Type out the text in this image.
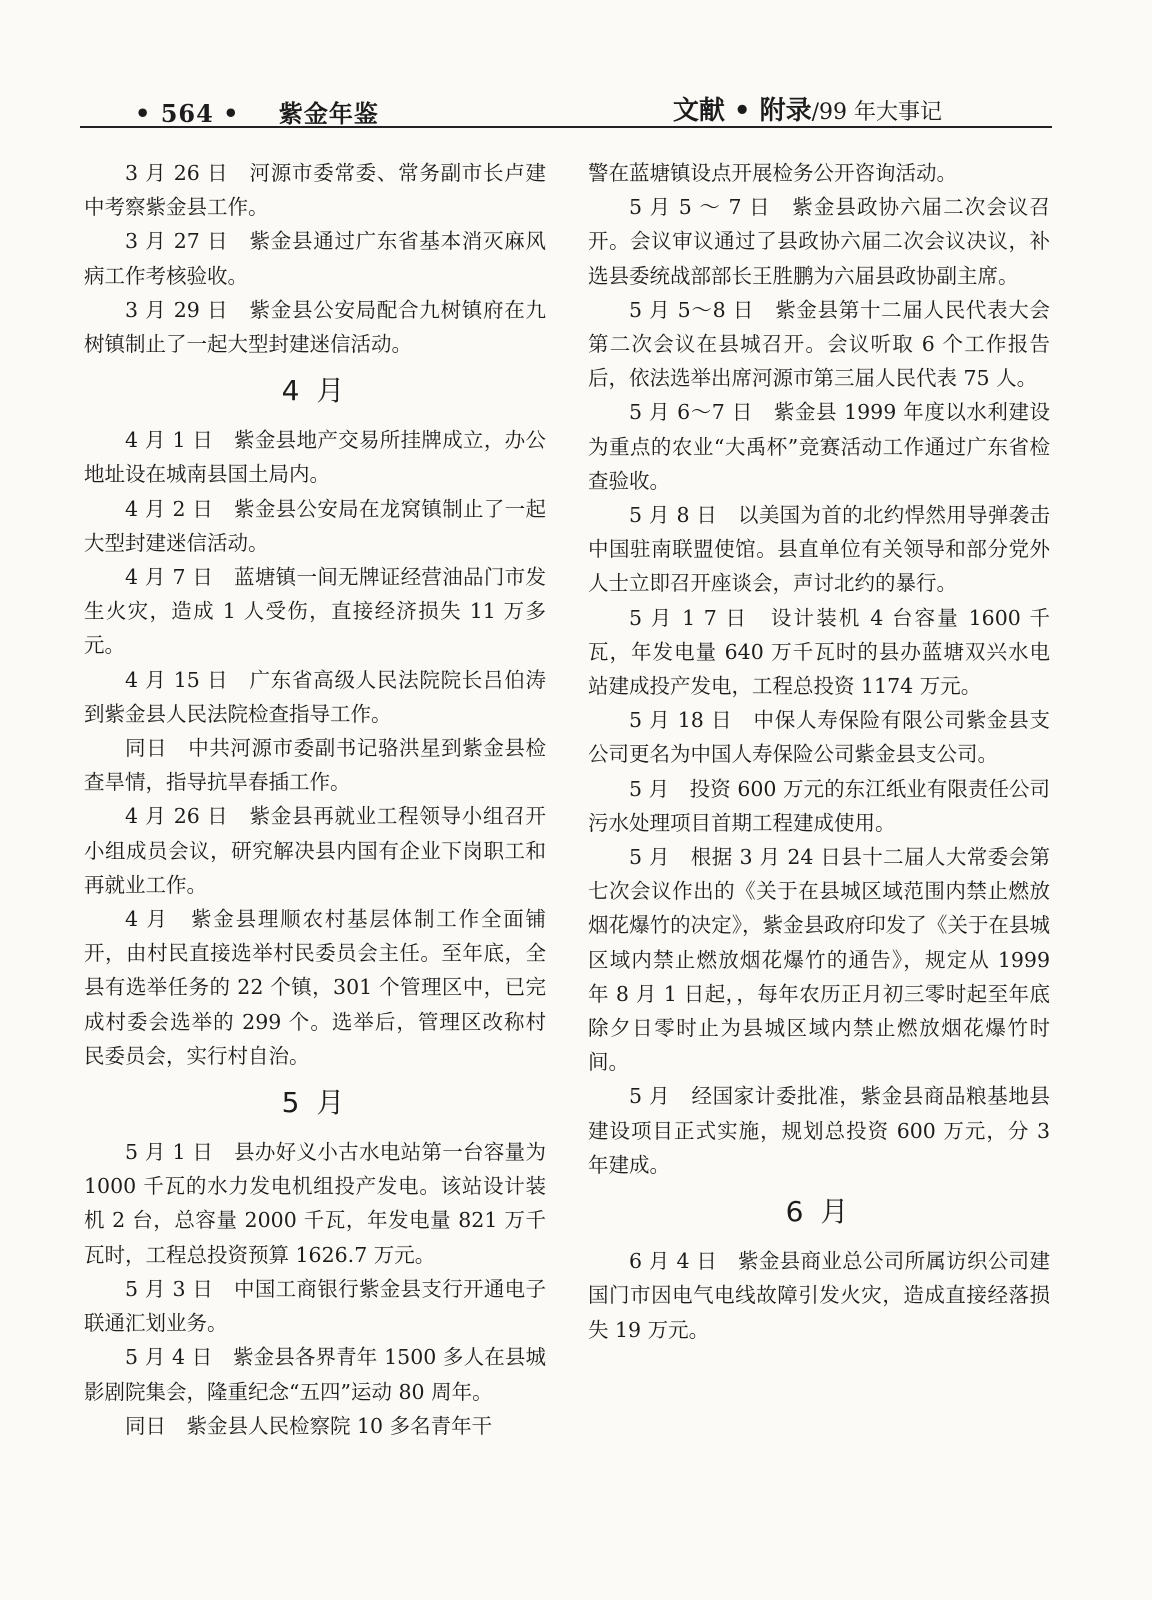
• 564 • 紫金年鉴	文献 • 附录/99 年大事记

3 月 26 日　河源市委常委、常务副市长卢建中考察紫金县工作。

3 月 27 日　紫金县通过广东省基本消灭麻风病工作考核验收。

3 月 29 日　紫金县公安局配合九树镇府在九树镇制止了一起大型封建迷信活动。

4 月

4 月 1 日　紫金县地产交易所挂牌成立，办公地址设在城南县国土局内。

4 月 2 日　紫金县公安局在龙窝镇制止了一起大型封建迷信活动。

4 月 7 日　蓝塘镇一间无牌证经营油品门市发生火灾，造成 1 人受伤，直接经济损失 11 万多元。

4 月 15 日　广东省高级人民法院院长吕伯涛到紫金县人民法院检查指导工作。

同日　中共河源市委副书记骆洪星到紫金县检查旱情，指导抗旱春插工作。

4 月 26 日　紫金县再就业工程领导小组召开小组成员会议，研究解决县内国有企业下岗职工和再就业工作。

4 月　紫金县理顺农村基层体制工作全面铺开，由村民直接选举村民委员会主任。至年底，全县有选举任务的 22 个镇，301 个管理区中，已完成村委会选举的 299 个。选举后，管理区改称村民委员会，实行村自治。

5 月

5 月 1 日　县办好义小古水电站第一台容量为 1000 千瓦的水力发电机组投产发电。该站设计装机 2 台，总容量 2000 千瓦，年发电量 821 万千瓦时，工程总投资预算 1626.7 万元。

5 月 3 日　中国工商银行紫金县支行开通电子联通汇划业务。

5 月 4 日　紫金县各界青年 1500 多人在县城影剧院集会，隆重纪念“五四”运动 80 周年。

同日　紫金县人民检察院 10 多名青年干

警在蓝塘镇设点开展检务公开咨询活动。

5 月 5 ～ 7 日　紫金县政协六届二次会议召开。会议审议通过了县政协六届二次会议决议，补选县委统战部部长王胜鹏为六届县政协副主席。

5 月 5～8 日　紫金县第十二届人民代表大会第二次会议在县城召开。会议听取 6 个工作报告后，依法选举出席河源市第三届人民代表 75 人。

5 月 6～7 日　紫金县 1999 年度以水利建设为重点的农业“大禹杯”竞赛活动工作通过广东省检查验收。

5 月 8 日　以美国为首的北约悍然用导弹袭击中国驻南联盟使馆。县直单位有关领导和部分党外人士立即召开座谈会，声讨北约的暴行。

5 月 1 7 日　设计装机 4 台容量 1600 千瓦，年发电量 640 万千瓦时的县办蓝塘双兴水电站建成投产发电，工程总投资 1174 万元。

5 月 18 日　中保人寿保险有限公司紫金县支公司更名为中国人寿保险公司紫金县支公司。

5 月　投资 600 万元的东江纸业有限责任公司污水处理项目首期工程建成使用。

5 月　根据 3 月 24 日县十二届人大常委会第七次会议作出的《关于在县城区域范围内禁止燃放烟花爆竹的决定》，紫金县政府印发了《关于在县城区域内禁止燃放烟花爆竹的通告》，规定从 1999 年 8 月 1 日起，，每年农历正月初三零时起至年底除夕日零时止为县城区域内禁止燃放烟花爆竹时间。

5 月　经国家计委批准，紫金县商品粮基地县建设项目正式实施，规划总投资 600 万元，分 3 年建成。

6 月

6 月 4 日　紫金县商业总公司所属访织公司建国门市因电气电线故障引发火灾，造成直接经落损失 19 万元。
